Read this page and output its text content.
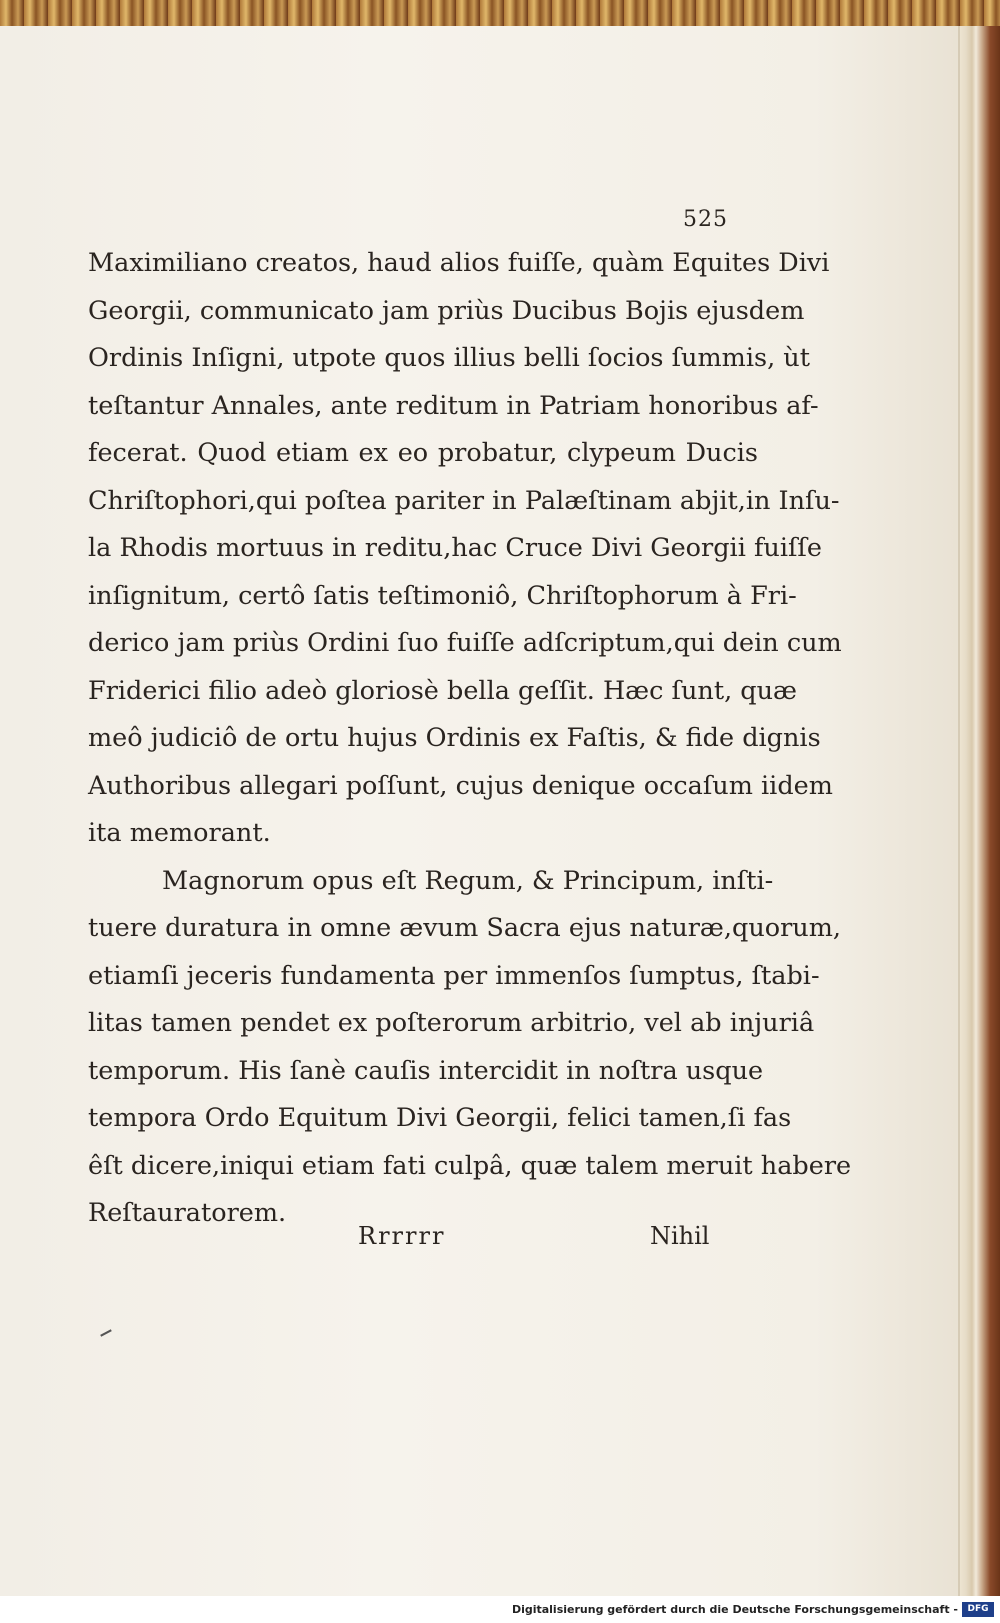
525
Maximiliano creatos, haud alios fuiſſe, quàm Equites Divi
Georgii, communicato jam priùs Ducibus Bojis ejusdem
Ordinis Inſigni, utpote quos illius belli ſocios ſummis, ùt
teſtantur Annales, ante reditum in Patriam honoribus af-
fecerat. Quod etiam ex eo probatur, clypeum Ducis
Chriſtophori,qui poſtea pariter in Palæſtinam abjit,in Inſu-
la Rhodis mortuus in reditu,hac Cruce Divi Georgii fuiſſe
inſignitum, certô ſatis teſtimoniô, Chriſtophorum à Fri-
derico jam priùs Ordini ſuo fuiſſe adſcriptum,qui dein cum
Friderici filio adeò gloriosè bella geſſit. Hæc ſunt, quæ
meô judiciô de ortu hujus Ordinis ex Faſtis, & fide dignis
Authoribus allegari poſſunt, cujus denique occaſum iidem
ita memorant.
Magnorum opus eſt Regum, & Principum, inſti-
tuere duratura in omne ævum Sacra ejus naturæ,quorum,
etiamſi jeceris fundamenta per immenſos ſumptus, ſtabi-
litas tamen pendet ex poſterorum arbitrio, vel ab injuriâ
temporum. His ſanè cauſis intercidit in noſtra usque
tempora Ordo Equitum Divi Georgii, felici tamen,ſi fas
êſt dicere,iniqui etiam fati culpâ, quæ talem meruit habere
Reſtauratorem.
Rrrrrr	Nihil
Digitalisierung gefördert durch die Deutsche Forschungsgemeinschaft -	DFG
